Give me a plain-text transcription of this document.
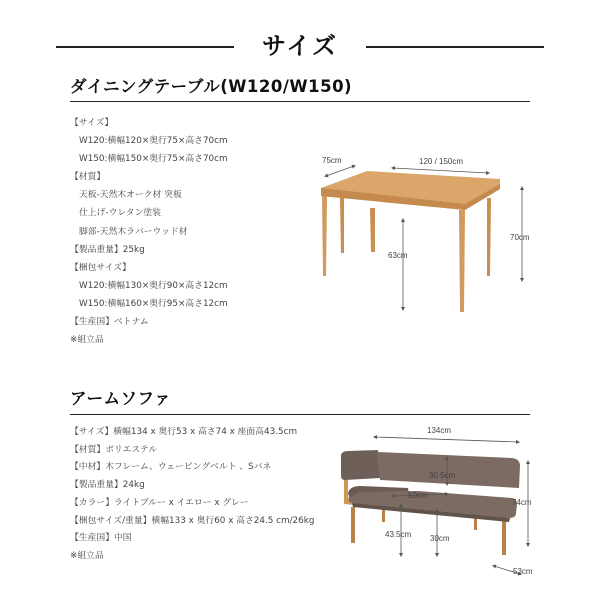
サイズ
ダイニングテーブル(W120/W150)
【サイズ】
W120:横幅120×奥行75×高さ70cm
W150:横幅150×奥行75×高さ70cm
【材質】
天板-天然木オーク材 突板
仕上げ-ウレタン塗装
脚部-天然木ラバーウッド材
【製品重量】25kg
【梱包サイズ】
W120:横幅130×奥行90×高さ12cm
W150:横幅160×奥行95×高さ12cm
【生産国】ベトナム
※組立品
アームソファ
【サイズ】横幅134 x 奥行53 x 高さ74 x 座面高43.5cm
【材質】ポリエステル
【中材】木フレーム、ウェービングベルト 、Sバネ
【製品重量】24kg
【カラー】ライトブルー x イエロー x グレー
【梱包サイズ/重量】横幅133 x 奥行60 x 高さ24.5 cm/26kg
【生産国】中国
※組立品
75cm	120 / 150cm
70cm
63cm
134cm
30.5cm
50cm
74cm
43.5cm 30cm
53cm
